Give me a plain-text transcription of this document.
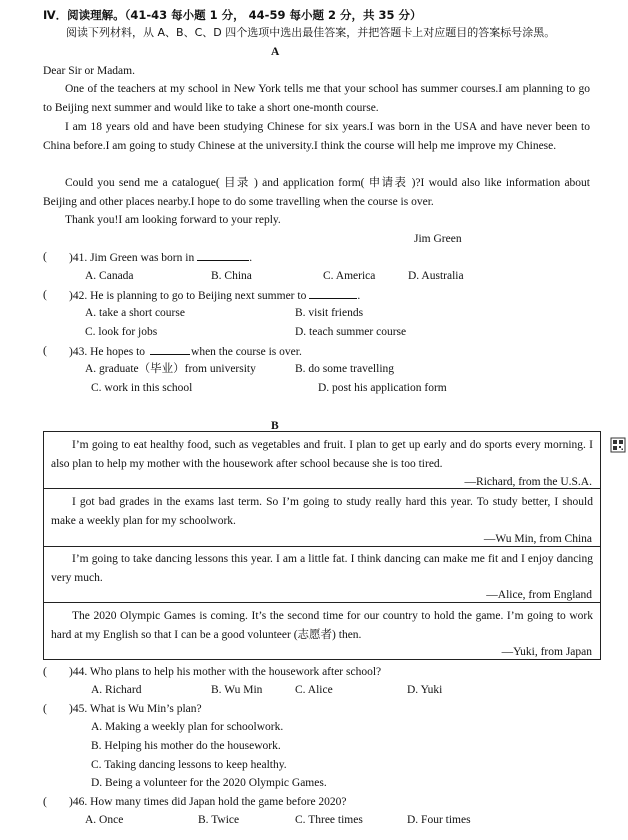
Ⅳ．阅读理解。（41-43 每小题 1 分， 44-59 每小题 2 分，共 35 分）
阅读下列材料，从 A、B、C、D 四个选项中选出最佳答案，并把答题卡上对应题目的答案标号涂黑。
A
Dear Sir or Madam.
One of the teachers at my school in New York tells me that your school has summer courses.I am planning to go to Beijing next summer and would like to take a short one-month course.
I am 18 years old and have been studying Chinese for six years.I was born in the USA and have never been to China before.I am going to study Chinese at the university.I think the course will help me improve my Chinese.
Could you send me a catalogue( 目录 ) and application form( 申请表 )?I would also like information about Beijing and other places nearby.I hope to do some travelling when the course is over.
Thank you!I am looking forward to your reply.
Jim Green
( )41. Jim Green was born in	.
A. Canada	B. China	C. America	D. Australia
( )42. He is planning to go to Beijing next summer to	.
A. take a short course	B. visit friends
C. look for jobs	D. teach summer course
( )43. He hopes to	when the course is over.
A. graduate（毕业）from university	B. do some travelling
C. work in this school	D. post his application form
B
I’m going to eat healthy food, such as vegetables and fruit. I plan to get up early and do sports every morning. I also plan to help my mother with the housework after school because she is too tired.
—Richard, from the U.S.A.
I got bad grades in the exams last term. So I’m going to study really hard this year. To study better, I should make a weekly plan for my schoolwork.
—Wu Min, from China
I’m going to take dancing lessons this year. I am a little fat. I think dancing can make me fit and I enjoy dancing very much.
—Alice, from England
The 2020 Olympic Games is coming. It’s the second time for our country to hold the game. I’m going to work hard at my English so that I can be a good volunteer (志愿者) then.
—Yuki, from Japan
( )44. Who plans to help his mother with the housework after school?
A. Richard	B. Wu Min	C. Alice	D. Yuki
( )45. What is Wu Min’s plan?
A. Making a weekly plan for schoolwork.
B. Helping his mother do the housework.
C. Taking dancing lessons to keep healthy.
D. Being a volunteer for the 2020 Olympic Games.
( )46. How many times did Japan hold the game before 2020?
A. Once	B. Twice	C. Three times	D. Four times
